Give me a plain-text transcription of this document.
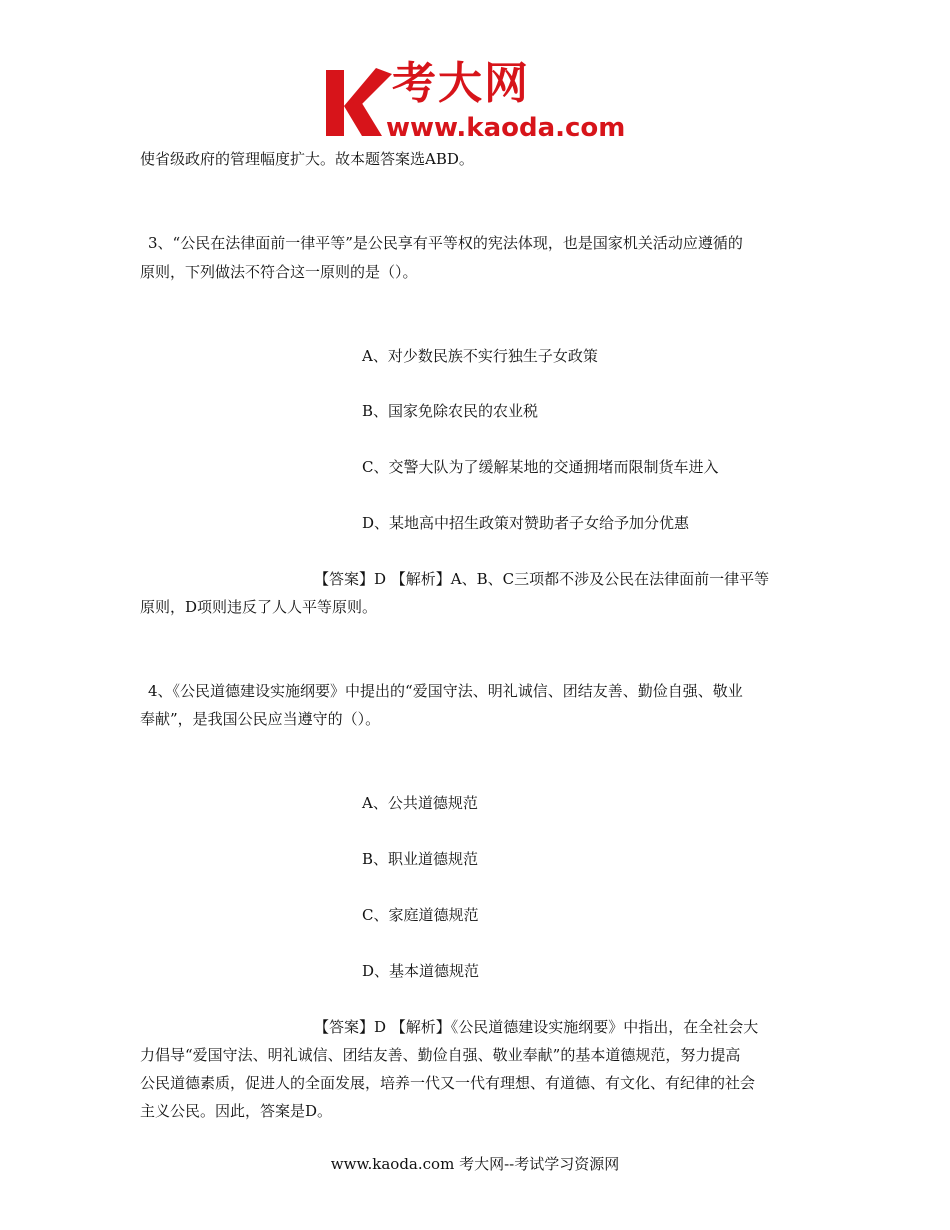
考大网
www.kaoda.com
使省级政府的管理幅度扩大。故本题答案选ABD。
3、“公民在法律面前一律平等”是公民享有平等权的宪法体现，也是国家机关活动应遵循的
原则，下列做法不符合这一原则的是（）。
A、对少数民族不实行独生子女政策
B、国家免除农民的农业税
C、交警大队为了缓解某地的交通拥堵而限制货车进入
D、某地高中招生政策对赞助者子女给予加分优惠
【答案】D 【解析】A、B、C三项都不涉及公民在法律面前一律平等
原则，D项则违反了人人平等原则。
4、《公民道德建设实施纲要》中提出的“爱国守法、明礼诚信、团结友善、勤俭自强、敬业
奉献”，是我国公民应当遵守的（）。
A、公共道德规范
B、职业道德规范
C、家庭道德规范
D、基本道德规范
【答案】D 【解析】《公民道德建设实施纲要》中指出，在全社会大
力倡导“爱国守法、明礼诚信、团结友善、勤俭自强、敬业奉献”的基本道德规范，努力提高
公民道德素质，促进人的全面发展，培养一代又一代有理想、有道德、有文化、有纪律的社会
主义公民。因此，答案是D。
www.kaoda.com 考大网--考试学习资源网
